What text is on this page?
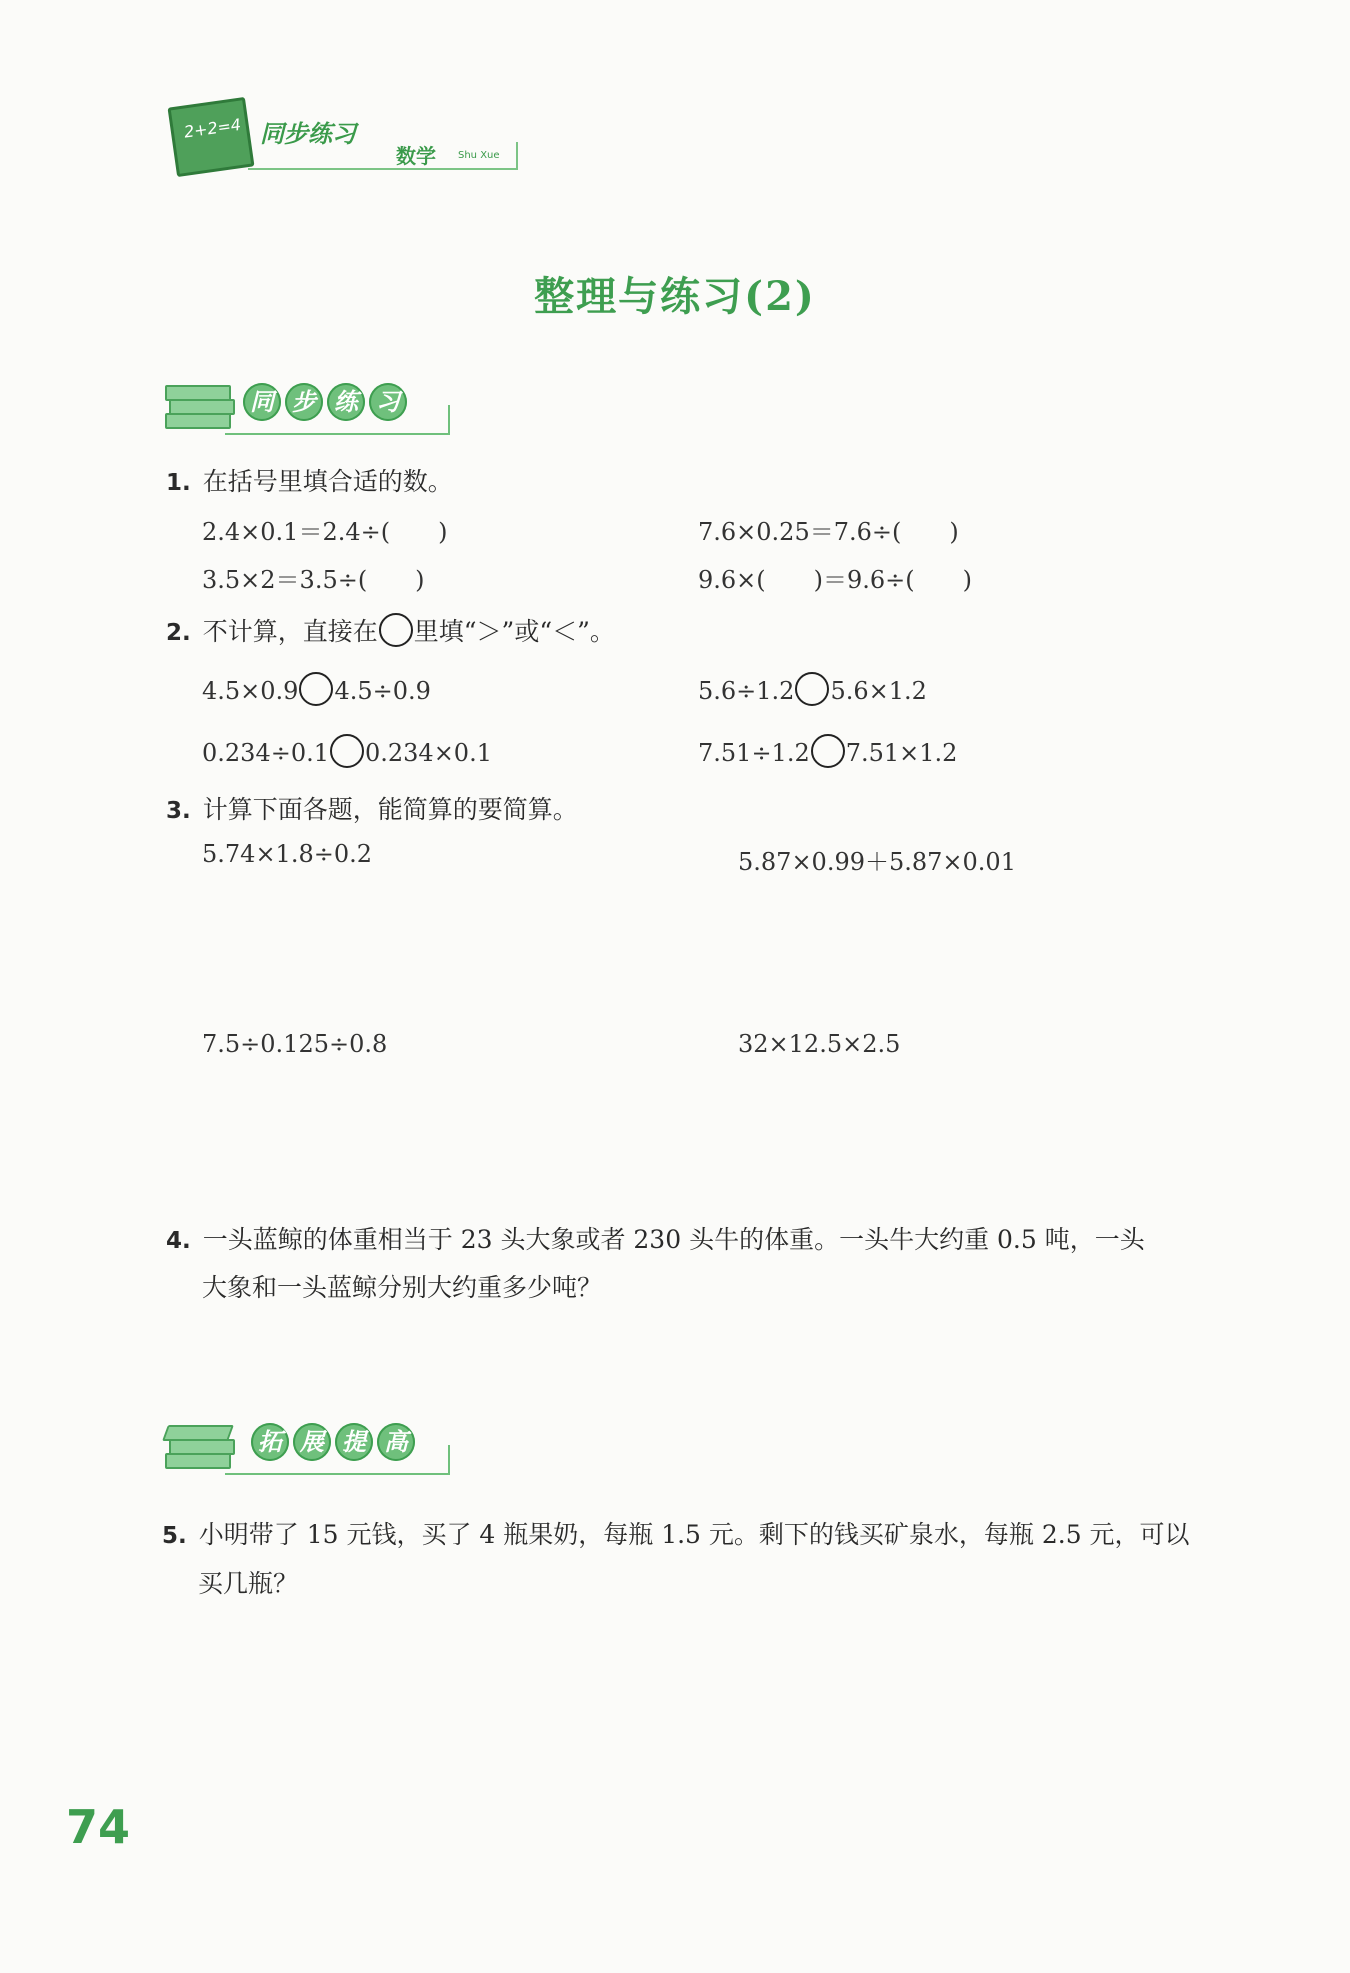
2+2=4 同步练习
数学 Shu Xue
整理与练习(2)
同 步 练 习
1. 在括号里填合适的数。
2.4×0.1＝2.4÷(　　)	7.6×0.25＝7.6÷(　　)
3.5×2＝3.5÷(　　)	9.6×(　　)＝9.6÷(　　)
2. 不计算，直接在 里填“＞”或“＜”。
4.5×0.9 4.5÷0.9	5.6÷1.2 5.6×1.2
0.234÷0.1 0.234×0.1	7.51÷1.2 7.51×1.2
3. 计算下面各题，能简算的要简算。
5.74×1.8÷0.2	5.87×0.99＋5.87×0.01
7.5÷0.125÷0.8	32×12.5×2.5
4. 一头蓝鲸的体重相当于 23 头大象或者 230 头牛的体重。一头牛大约重 0.5 吨，一头
大象和一头蓝鲸分别大约重多少吨？
拓 展 提 高
5. 小明带了 15 元钱，买了 4 瓶果奶，每瓶 1.5 元。剩下的钱买矿泉水，每瓶 2.5 元，可以
买几瓶？
74
